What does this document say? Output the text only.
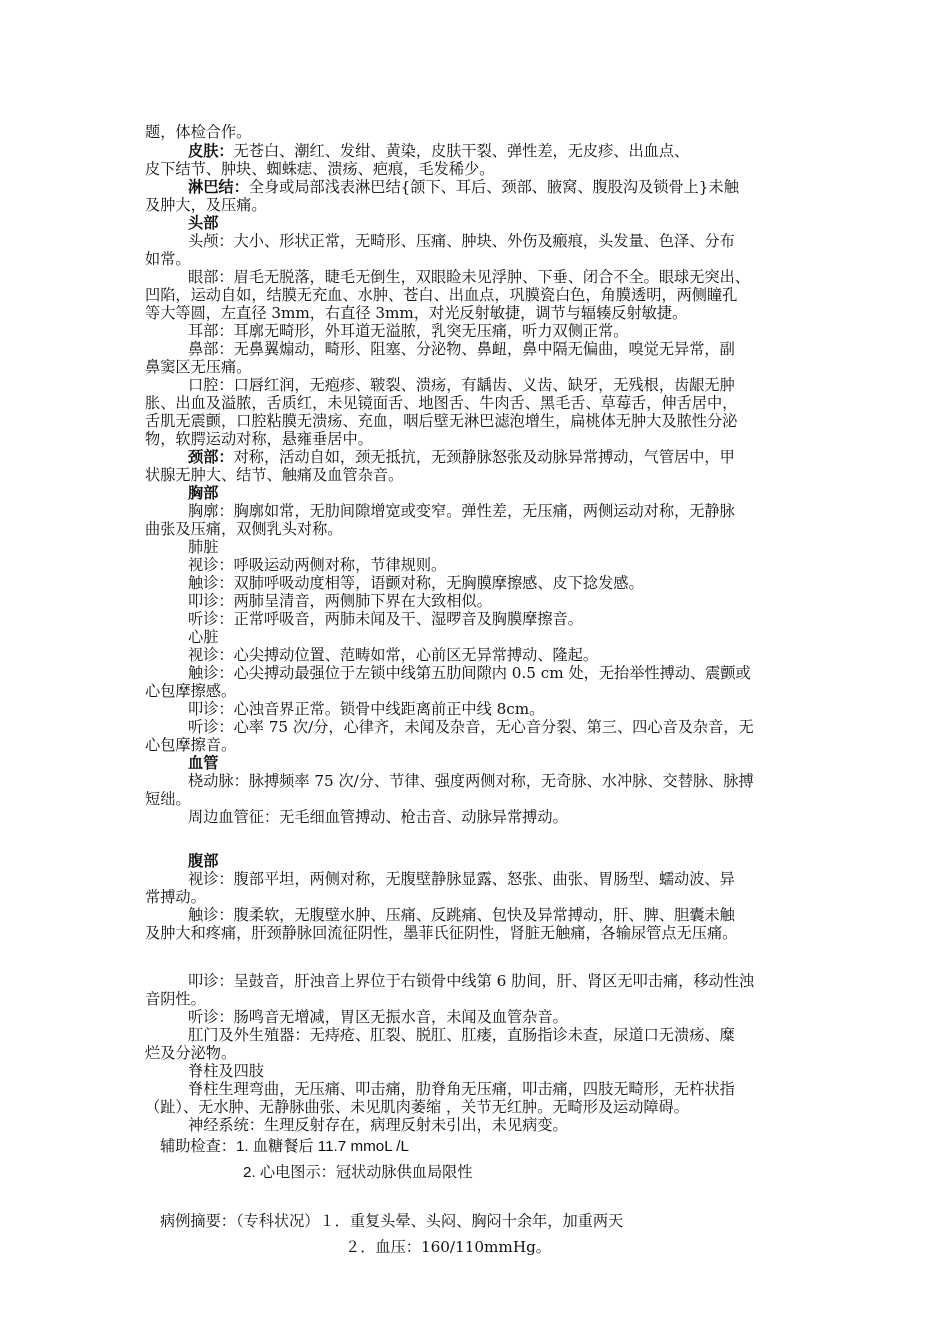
题，体检合作。
皮肤：无苍白、潮红、发绀、黄染，皮肤干裂、弹性差，无皮疹、出血点、
皮下结节、肿块、蜘蛛痣、溃疡、疤痕，毛发稀少。
淋巴结：全身或局部浅表淋巴结{颌下、耳后、颈部、腋窝、腹股沟及锁骨上}未触
及肿大，及压痛。
头部
头颅：大小、形状正常，无畸形、压痛、肿块、外伤及瘢痕，头发量、色泽、分布
如常。
眼部：眉毛无脱落，睫毛无倒生，双眼睑未见浮肿、下垂、闭合不全。眼球无突出、
凹陷，运动自如，结膜无充血、水肿、苍白、出血点，巩膜瓷白色，角膜透明，两侧瞳孔
等大等圆，左直径 3mm，右直径 3mm，对光反射敏捷，调节与辐辏反射敏捷。
耳部：耳廓无畸形，外耳道无溢脓，乳突无压痛，听力双侧正常。
鼻部：无鼻翼煽动，畸形、阻塞、分泌物、鼻衄，鼻中隔无偏曲，嗅觉无异常，副
鼻窦区无压痛。
口腔：口唇红润，无疱疹、皲裂、溃疡，有龋齿、义齿、缺牙，无残根，齿龈无肿
胀、出血及溢脓，舌质红，未见镜面舌、地图舌、牛肉舌、黑毛舌、草莓舌，伸舌居中，
舌肌无震颤，口腔粘膜无溃疡、充血，咽后壁无淋巴滤泡增生，扁桃体无肿大及脓性分泌
物，软腭运动对称，悬雍垂居中。
颈部：对称，活动自如，颈无抵抗，无颈静脉怒张及动脉异常搏动，气管居中，甲
状腺无肿大、结节、触痛及血管杂音。
胸部
胸廓：胸廓如常，无肋间隙增宽或变窄。弹性差，无压痛，两侧运动对称，无静脉
曲张及压痛，双侧乳头对称。
肺脏
视诊：呼吸运动两侧对称，节律规则。
触诊：双肺呼吸动度相等，语颤对称，无胸膜摩擦感、皮下捻发感。
叩诊：两肺呈清音，两侧肺下界在大致相似。
听诊：正常呼吸音，两肺未闻及干、湿啰音及胸膜摩擦音。
心脏
视诊：心尖搏动位置、范畴如常，心前区无异常搏动、隆起。
触诊：心尖搏动最强位于左锁中线第五肋间隙内 0.5 cm 处，无抬举性搏动、震颤或
心包摩擦感。
叩诊：心浊音界正常。锁骨中线距离前正中线 8cm。
听诊：心率 75 次/分，心律齐，未闻及杂音，无心音分裂、第三、四心音及杂音，无
心包摩擦音。
血管
桡动脉：脉搏频率 75 次/分、节律、强度两侧对称，无奇脉、水冲脉、交替脉、脉搏
短绌。
周边血管征：无毛细血管搏动、枪击音、动脉异常搏动。
腹部
视诊：腹部平坦，两侧对称，无腹壁静脉显露、怒张、曲张、胃肠型、蠕动波、异
常搏动。
触诊：腹柔软，无腹壁水肿、压痛、反跳痛、包快及异常搏动，肝、脾、胆囊未触
及肿大和疼痛，肝颈静脉回流征阴性，墨菲氏征阴性，肾脏无触痛，各输尿管点无压痛。
叩诊：呈鼓音，肝浊音上界位于右锁骨中线第 6 肋间，肝、肾区无叩击痛，移动性浊
音阴性。
听诊：肠鸣音无增减，胃区无振水音，未闻及血管杂音。
肛门及外生殖器：无痔疮、肛裂、脱肛、肛瘘，直肠指诊未查，尿道口无溃疡、糜
烂及分泌物。
脊柱及四肢
脊柱生理弯曲，无压痛、叩击痛，肋脊角无压痛，叩击痛，四肢无畸形，无杵状指
（趾）、无水肿、无静脉曲张、未见肌肉萎缩 ，关节无红肿。无畸形及运动障碍。
神经系统：生理反射存在，病理反射未引出，未见病变。
辅助检查：1. 血糖餐后 11.7 mmoL /L
2. 心电图示：冠状动脉供血局限性
病例摘要：（专科状况）１．重复头晕、头闷、胸闷十余年，加重两天
２．血压：160/110mmHg。
